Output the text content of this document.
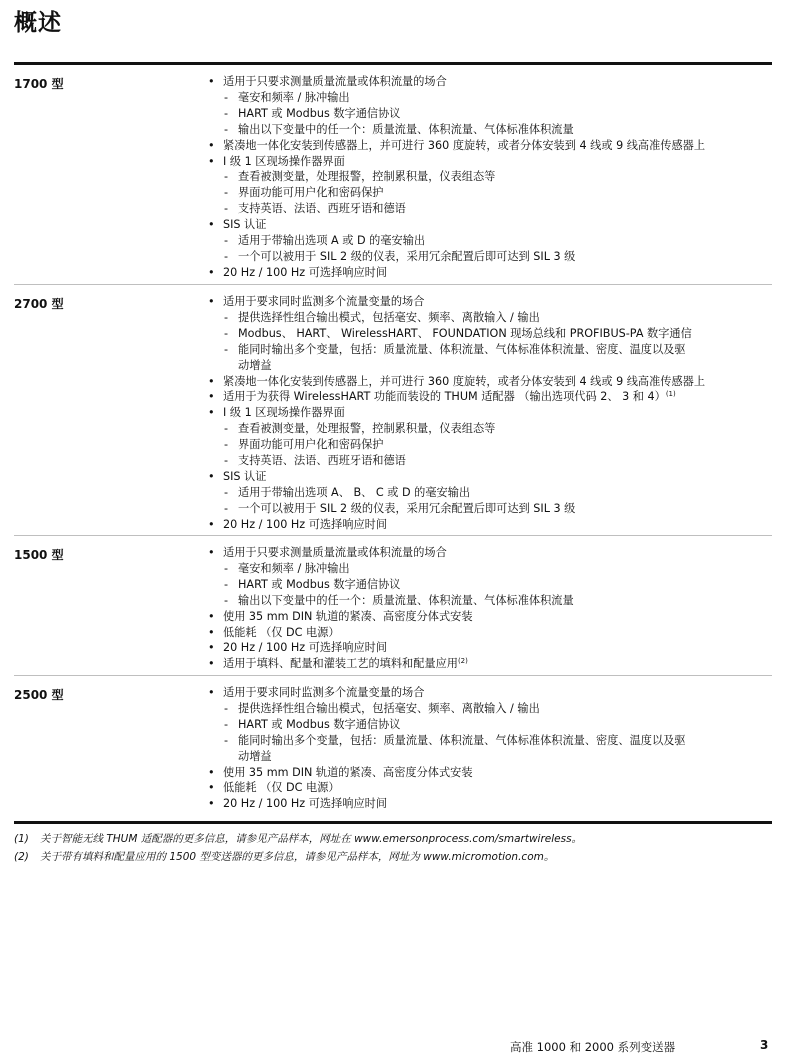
概述
1700 型	• 适用于只要求测量质量流量或体积流量的场合
- 毫安和频率 / 脉冲输出
- HART 或 Modbus 数字通信协议
- 输出以下变量中的任一个：质量流量、体积流量、气体标准体积流量
• 紧凑地一体化安装到传感器上，并可进行 360 度旋转，或者分体安装到 4 线或 9 线高准传感器上
• I 级 1 区现场操作器界面
- 查看被测变量，处理报警，控制累积量，仪表组态等
- 界面功能可用户化和密码保护
- 支持英语、法语、西班牙语和德语
• SIS 认证
- 适用于带输出选项 A 或 D 的毫安输出
- 一个可以被用于 SIL 2 级的仪表，采用冗余配置后即可达到 SIL 3 级
• 20 Hz / 100 Hz 可选择响应时间
2700 型	• 适用于要求同时监测多个流量变量的场合
- 提供选择性组合输出模式，包括毫安、频率、离散输入 / 输出
- Modbus、 HART、 WirelessHART、 FOUNDATION 现场总线和 PROFIBUS-PA 数字通信
- 能同时输出多个变量，包括：质量流量、体积流量、气体标准体积流量、密度、温度以及驱
动增益
• 紧凑地一体化安装到传感器上，并可进行 360 度旋转，或者分体安装到 4 线或 9 线高准传感器上
• 适用于为获得 WirelessHART 功能而装设的 THUM 适配器 （输出选项代码 2、 3 和 4）$^{(1)}$
• I 级 1 区现场操作器界面
- 查看被测变量，处理报警，控制累积量，仪表组态等
- 界面功能可用户化和密码保护
- 支持英语、法语、西班牙语和德语
• SIS 认证
- 适用于带输出选项 A、 B、 C 或 D 的毫安输出
- 一个可以被用于 SIL 2 级的仪表，采用冗余配置后即可达到 SIL 3 级
• 20 Hz / 100 Hz 可选择响应时间
1500 型	• 适用于只要求测量质量流量或体积流量的场合
- 毫安和频率 / 脉冲输出
- HART 或 Modbus 数字通信协议
- 输出以下变量中的任一个：质量流量、体积流量、气体标准体积流量
• 使用 35 mm DIN 轨道的紧凑、高密度分体式安装
• 低能耗 （仅 DC 电源）
• 20 Hz / 100 Hz 可选择响应时间
• 适用于填料、配量和灌装工艺的填料和配量应用$^{(2)}$
2500 型	• 适用于要求同时监测多个流量变量的场合
- 提供选择性组合输出模式，包括毫安、频率、离散输入 / 输出
- HART 或 Modbus 数字通信协议
- 能同时输出多个变量，包括：质量流量、体积流量、气体标准体积流量、密度、温度以及驱
动增益
• 使用 35 mm DIN 轨道的紧凑、高密度分体式安装
• 低能耗 （仅 DC 电源）
• 20 Hz / 100 Hz 可选择响应时间
(1) 关于智能无线 THUM 适配器的更多信息，请参见产品样本，网址在 www.emersonprocess.com/smartwireless。
(2) 关于带有填料和配量应用的 1500 型变送器的更多信息，请参见产品样本，网址为 www.micromotion.com。
高准 1000 和 2000 系列变送器	3
